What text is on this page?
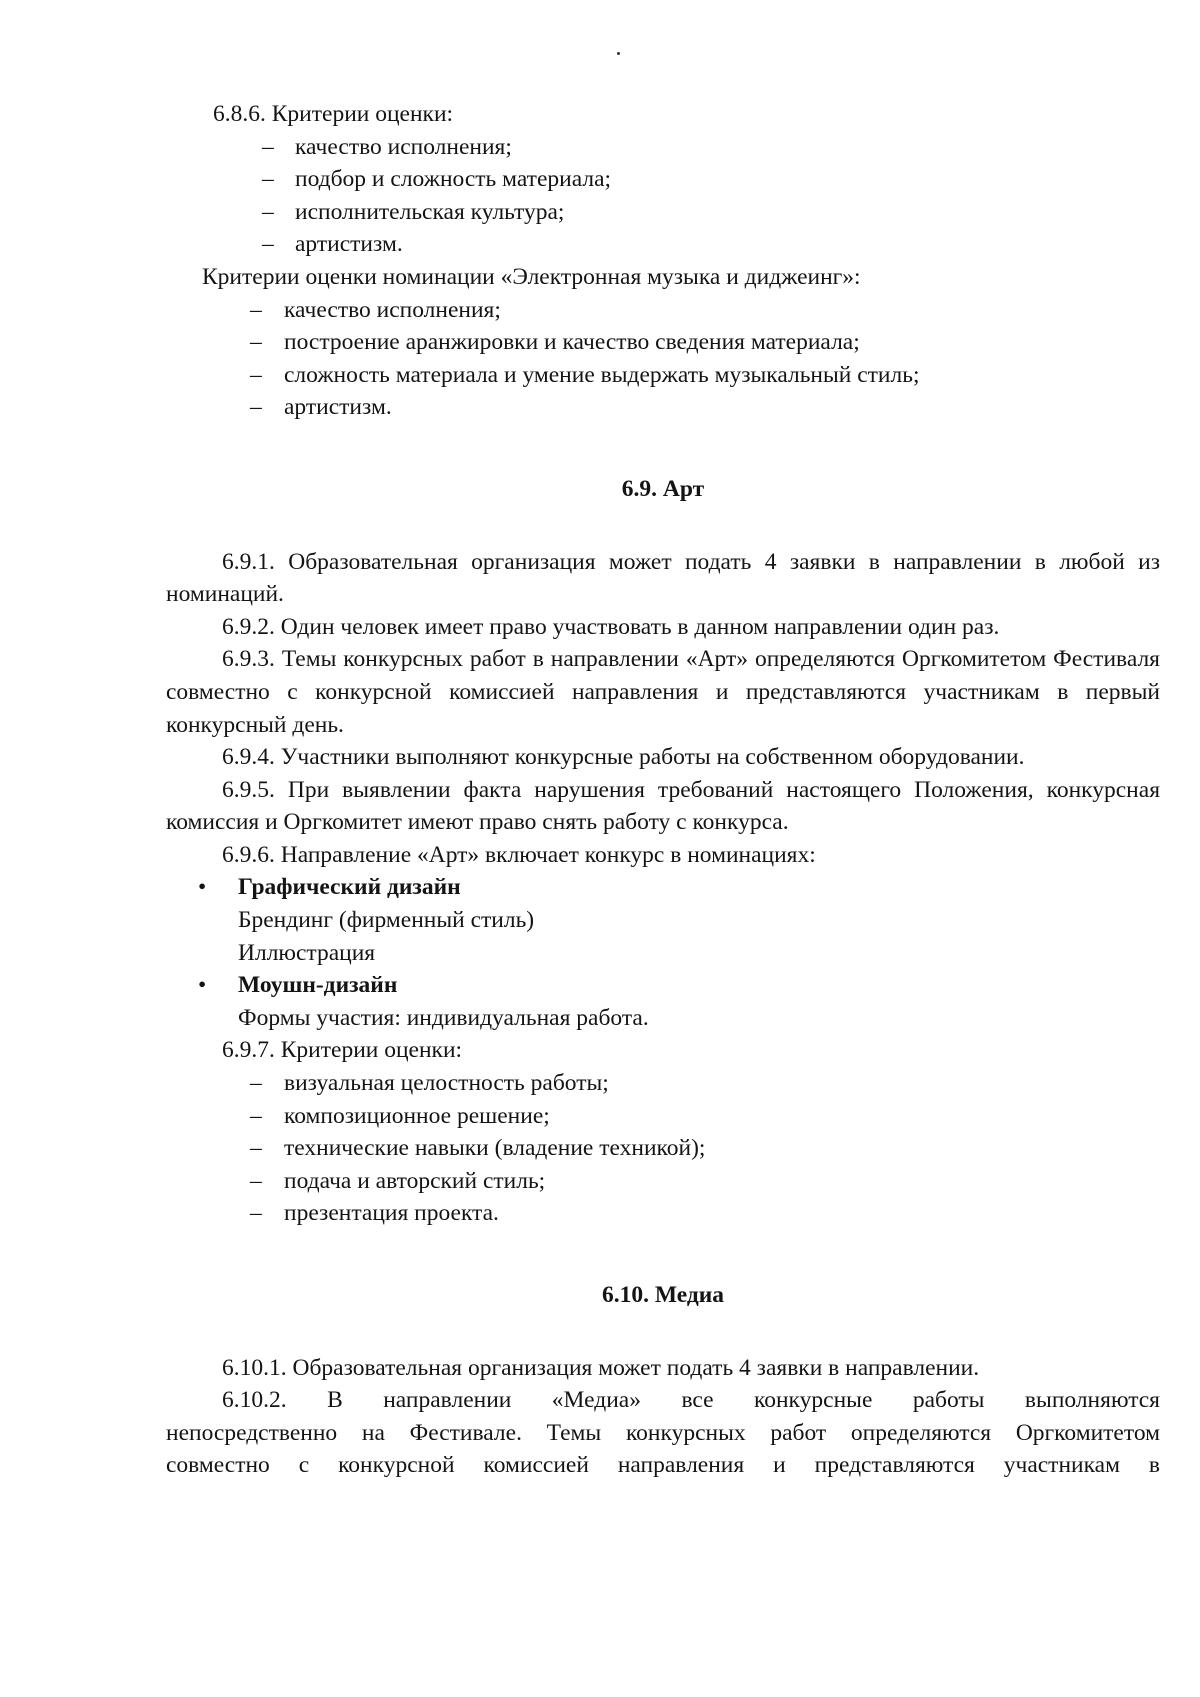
6.8.6. Критерии оценки:

– качество исполнения;

– подбор и сложность материала;

– исполнительская культура;

– артистизм.

Критерии оценки номинации «Электронная музыка и диджеинг»:

– качество исполнения;

– построение аранжировки и качество сведения материала;

– сложность материала и умение выдержать музыкальный стиль;

– артистизм.

6.9. Арт

6.9.1. Образовательная организация может подать 4 заявки в направлении в любой из номинаций.

6.9.2. Один человек имеет право участвовать в данном направлении один раз.

6.9.3. Темы конкурсных работ в направлении «Арт» определяются Оргкомитетом Фестиваля совместно с конкурсной комиссией направления и представляются участникам в первый конкурсный день.

6.9.4. Участники выполняют конкурсные работы на собственном оборудовании.

6.9.5. При выявлении факта нарушения требований настоящего Положения, конкурсная комиссия и Оргкомитет имеют право снять работу с конкурса.

6.9.6. Направление «Арт» включает конкурс в номинациях:

• Графический дизайн

Брендинг (фирменный стиль)

Иллюстрация

• Моушн-дизайн

Формы участия: индивидуальная работа.

6.9.7. Критерии оценки:

– визуальная целостность работы;

– композиционное решение;

– технические навыки (владение техникой);

– подача и авторский стиль;

– презентация проекта.

6.10. Медиа

6.10.1. Образовательная организация может подать 4 заявки в направлении.

6.10.2. В направлении «Медиа» все конкурсные работы выполняются

непосредственно на Фестивале. Темы конкурсных работ определяются Оргкомитетом

совместно с конкурсной комиссией направления и представляются участникам в
